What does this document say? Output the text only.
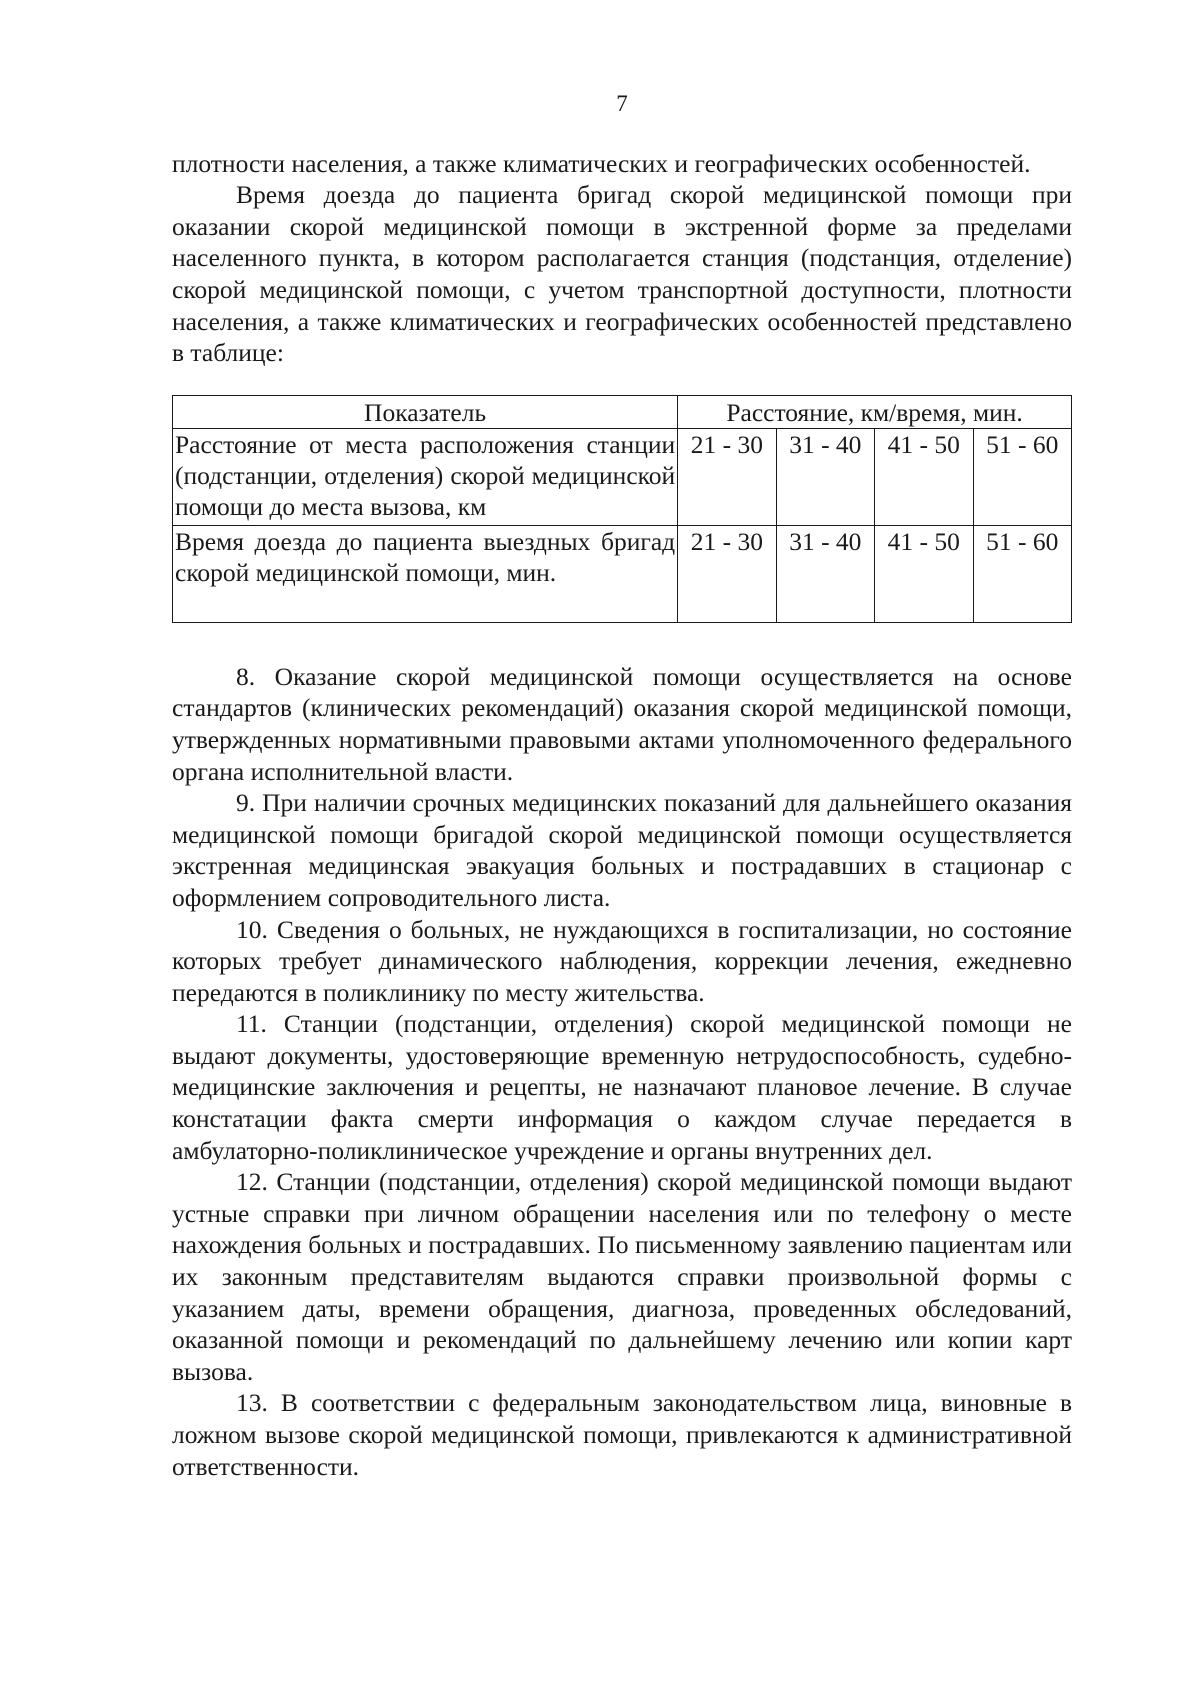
7

плотности населения, а также климатических и географических особенностей.

Время доезда до пациента бригад скорой медицинской помощи при оказании скорой медицинской помощи в экстренной форме за пределами населенного пункта, в котором располагается станция (подстанция, отделение) скорой медицинской помощи, с учетом транспортной доступности, плотности населения, а также климатических и географических особенностей представлено в таблице:

Показатель	Расстояние, км/время, мин.			
Расстояние от места расположения станции (подстанции, отделения) скорой медицинской помощи до места вызова, км	21 - 30	31 - 40	41 - 50	51 - 60
Время доезда до пациента выездных бригад скорой медицинской помощи, мин.	21 - 30	31 - 40	41 - 50	51 - 60

8. Оказание скорой медицинской помощи осуществляется на основе стандартов (клинических рекомендаций) оказания скорой медицинской помощи, утвержденных нормативными правовыми актами уполномоченного федерального органа исполнительной власти.

9. При наличии срочных медицинских показаний для дальнейшего оказания медицинской помощи бригадой скорой медицинской помощи осуществляется экстренная медицинская эвакуация больных и пострадавших в стационар с оформлением сопроводительного листа.

10. Сведения о больных, не нуждающихся в госпитализации, но состояние которых требует динамического наблюдения, коррекции лечения, ежедневно передаются в поликлинику по месту жительства.

11. Станции (подстанции, отделения) скорой медицинской помощи не выдают документы, удостоверяющие временную нетрудоспособность, судебно-медицинские заключения и рецепты, не назначают плановое лечение. В случае констатации факта смерти информация о каждом случае передается в амбулаторно-поликлиническое учреждение и органы внутренних дел.

12. Станции (подстанции, отделения) скорой медицинской помощи выдают устные справки при личном обращении населения или по телефону о месте нахождения больных и пострадавших. По письменному заявлению пациентам или их законным представителям выдаются справки произвольной формы с указанием даты, времени обращения, диагноза, проведенных обследований, оказанной помощи и рекомендаций по дальнейшему лечению или копии карт вызова.

13. В соответствии с федеральным законодательством лица, виновные в ложном вызове скорой медицинской помощи, привлекаются к административной ответственности.
